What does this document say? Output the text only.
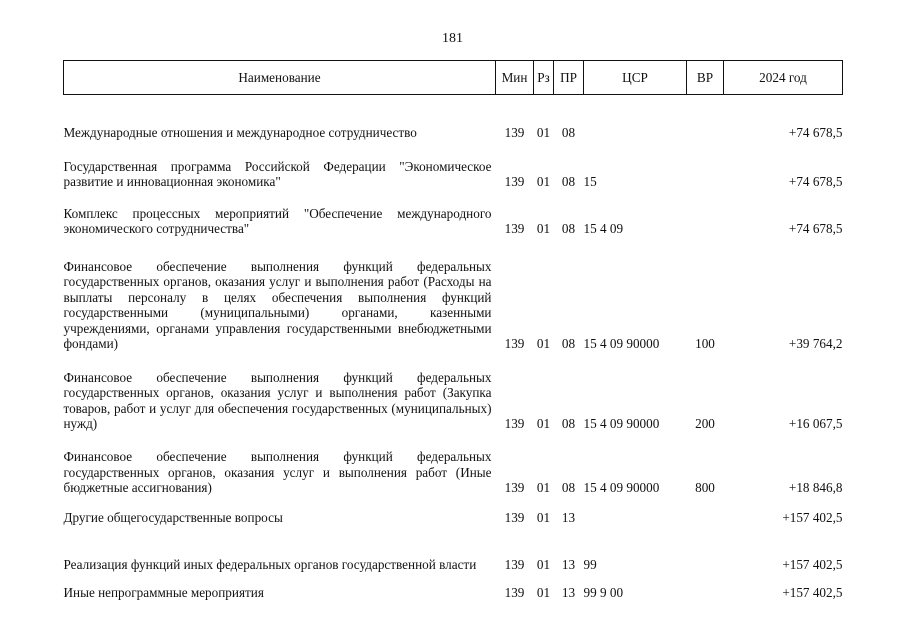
181
Наименование	Мин	Рз	ПР	ЦСР	ВР	2024 год

Международные отношения и международное сотрудничество	139	01	08			+74 678,5

Государственная программа Российской Федерации "Экономическое развитие и инновационная экономика"	139	01	08	15		+74 678,5

Комплекс процессных мероприятий "Обеспечение международного экономического сотрудничества"	139	01	08	15 4 09		+74 678,5

Финансовое обеспечение выполнения функций федеральных государственных органов, оказания услуг и выполнения работ (Расходы на выплаты персоналу в целях обеспечения выполнения функций государственными (муниципальными) органами, казенными учреждениями, органами управления государственными внебюджетными фондами)	139	01	08	15 4 09 90000	100	+39 764,2

Финансовое обеспечение выполнения функций федеральных государственных органов, оказания услуг и выполнения работ (Закупка товаров, работ и услуг для обеспечения государственных (муниципальных) нужд)	139	01	08	15 4 09 90000	200	+16 067,5

Финансовое обеспечение выполнения функций федеральных государственных органов, оказания услуг и выполнения работ (Иные бюджетные ассигнования)	139	01	08	15 4 09 90000	800	+18 846,8

Другие общегосударственные вопросы	139	01	13			+157 402,5

Реализация функций иных федеральных органов государственной власти	139	01	13	99		+157 402,5

Иные непрограммные мероприятия	139	01	13	99 9 00		+157 402,5
